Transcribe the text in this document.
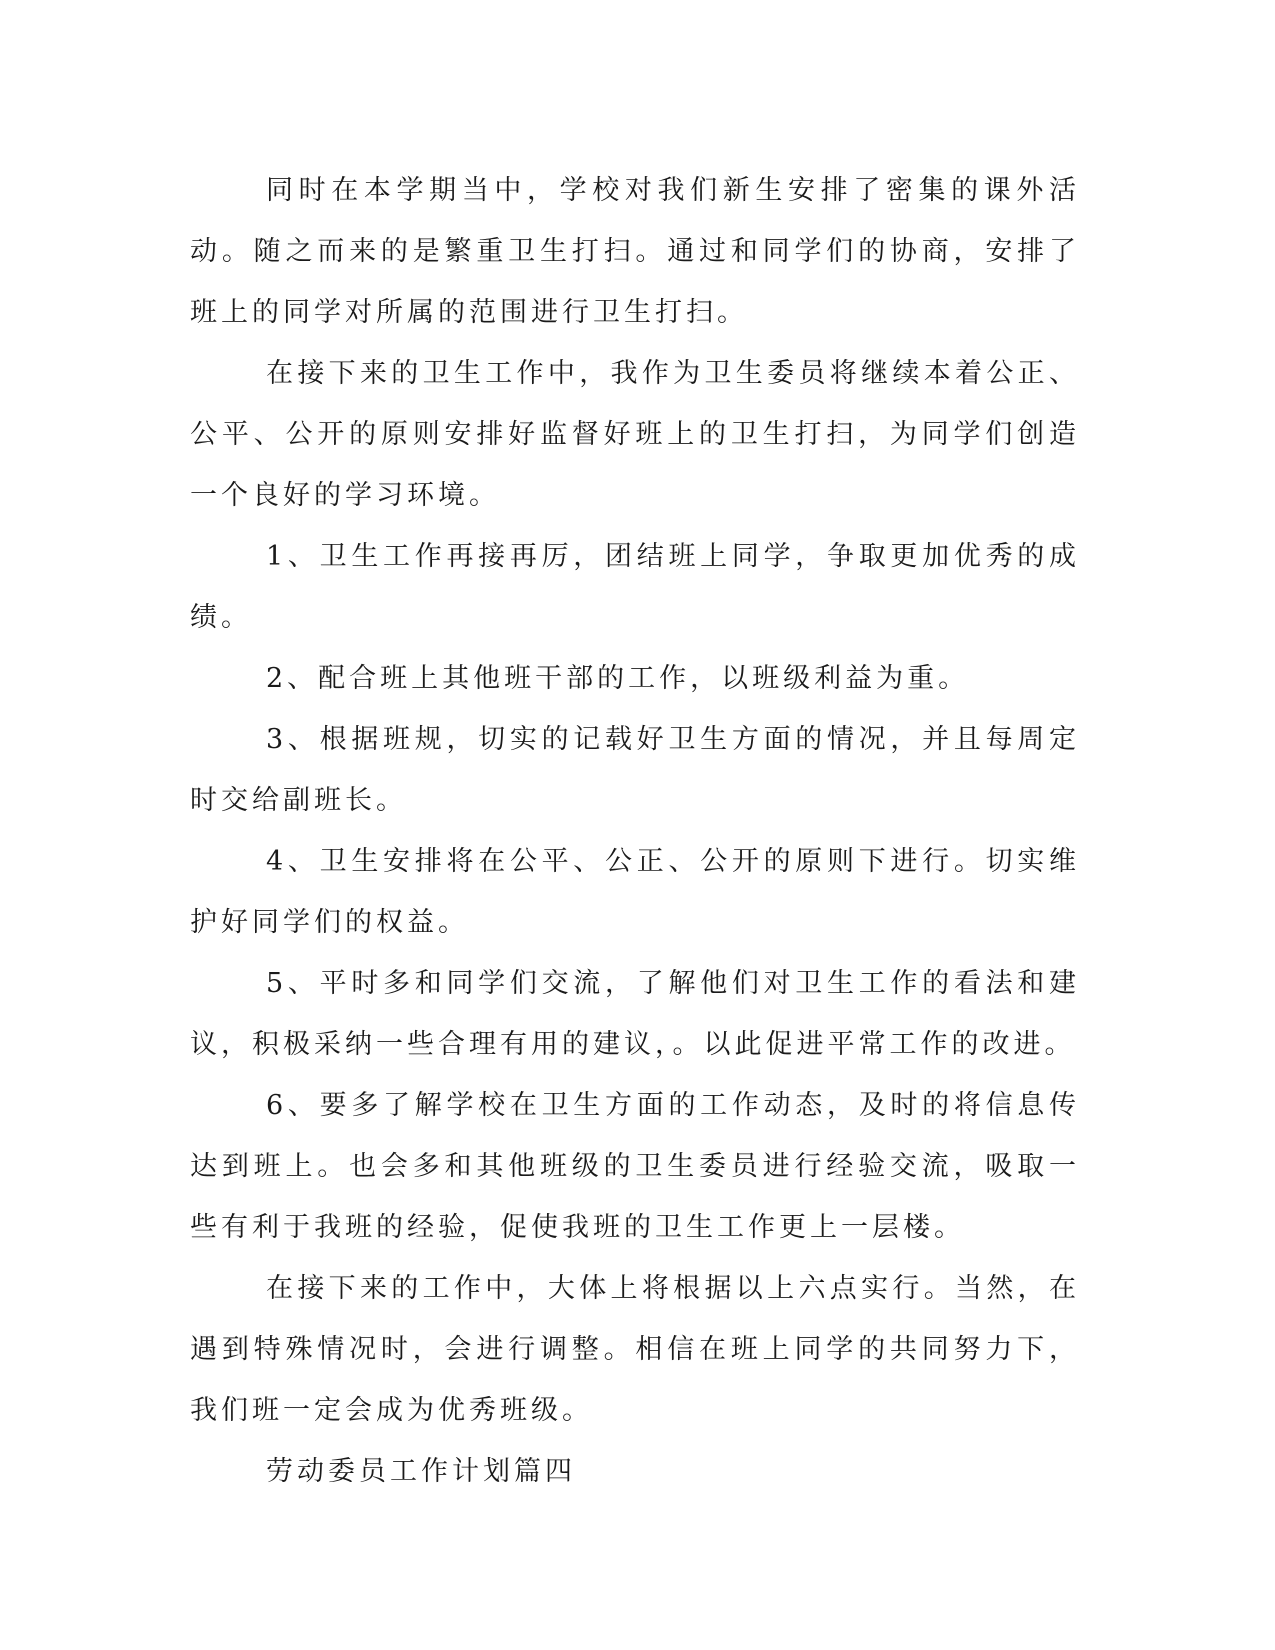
同时在本学期当中，学校对我们新生安排了密集的课外活动。随之而来的是繁重卫生打扫。通过和同学们的协商，安排了班上的同学对所属的范围进行卫生打扫。

在接下来的卫生工作中，我作为卫生委员将继续本着公正、公平、公开的原则安排好监督好班上的卫生打扫，为同学们创造一个良好的学习环境。

1、卫生工作再接再厉，团结班上同学，争取更加优秀的成绩。

2、配合班上其他班干部的工作，以班级利益为重。

3、根据班规，切实的记载好卫生方面的情况，并且每周定时交给副班长。

4、卫生安排将在公平、公正、公开的原则下进行。切实维护好同学们的权益。

5、平时多和同学们交流，了解他们对卫生工作的看法和建议，积极采纳一些合理有用的建议，。以此促进平常工作的改进。

6、要多了解学校在卫生方面的工作动态，及时的将信息传达到班上。也会多和其他班级的卫生委员进行经验交流，吸取一些有利于我班的经验，促使我班的卫生工作更上一层楼。

在接下来的工作中，大体上将根据以上六点实行。当然，在遇到特殊情况时，会进行调整。相信在班上同学的共同努力下，我们班一定会成为优秀班级。

劳动委员工作计划篇四
